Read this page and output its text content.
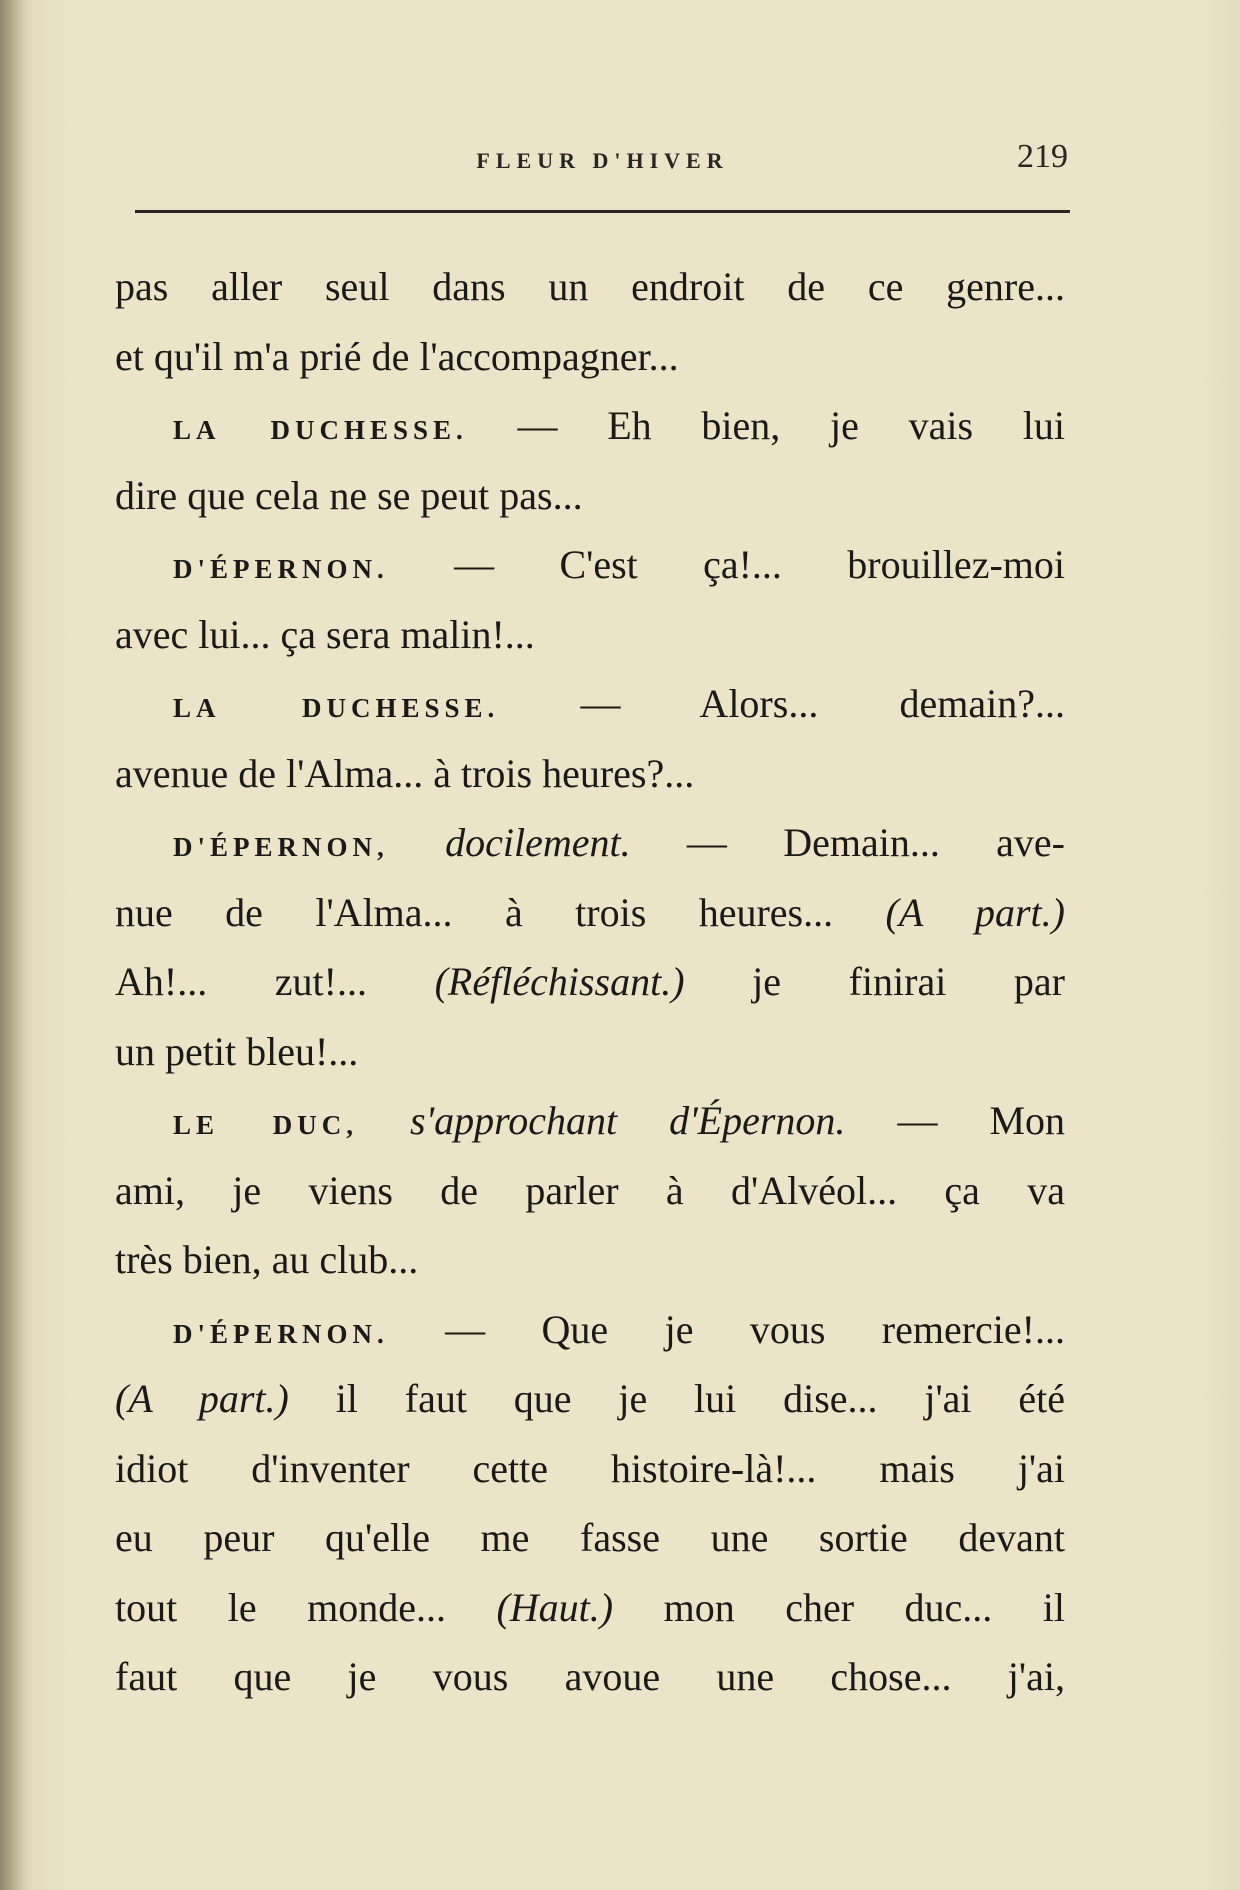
FLEUR D'HIVER	219
pas aller seul dans un endroit de ce genre...
et qu'il m'a prié de l'accompagner...
LA DUCHESSE. — Eh bien, je vais lui
dire que cela ne se peut pas...
D'ÉPERNON. — C'est ça!... brouillez-moi
avec lui... ça sera malin!...
LA DUCHESSE. — Alors... demain?...
avenue de l'Alma... à trois heures?...
D'ÉPERNON, docilement. — Demain... ave-
nue de l'Alma... à trois heures... (A part.)
Ah!... zut!... (Réfléchissant.) je finirai par
un petit bleu!...
LE DUC, s'approchant d'Épernon. — Mon
ami, je viens de parler à d'Alvéol... ça va
très bien, au club...
D'ÉPERNON. — Que je vous remercie!...
(A part.) il faut que je lui dise... j'ai été
idiot d'inventer cette histoire-là!... mais j'ai
eu peur qu'elle me fasse une sortie devant
tout le monde... (Haut.) mon cher duc... il
faut que je vous avoue une chose... j'ai,
